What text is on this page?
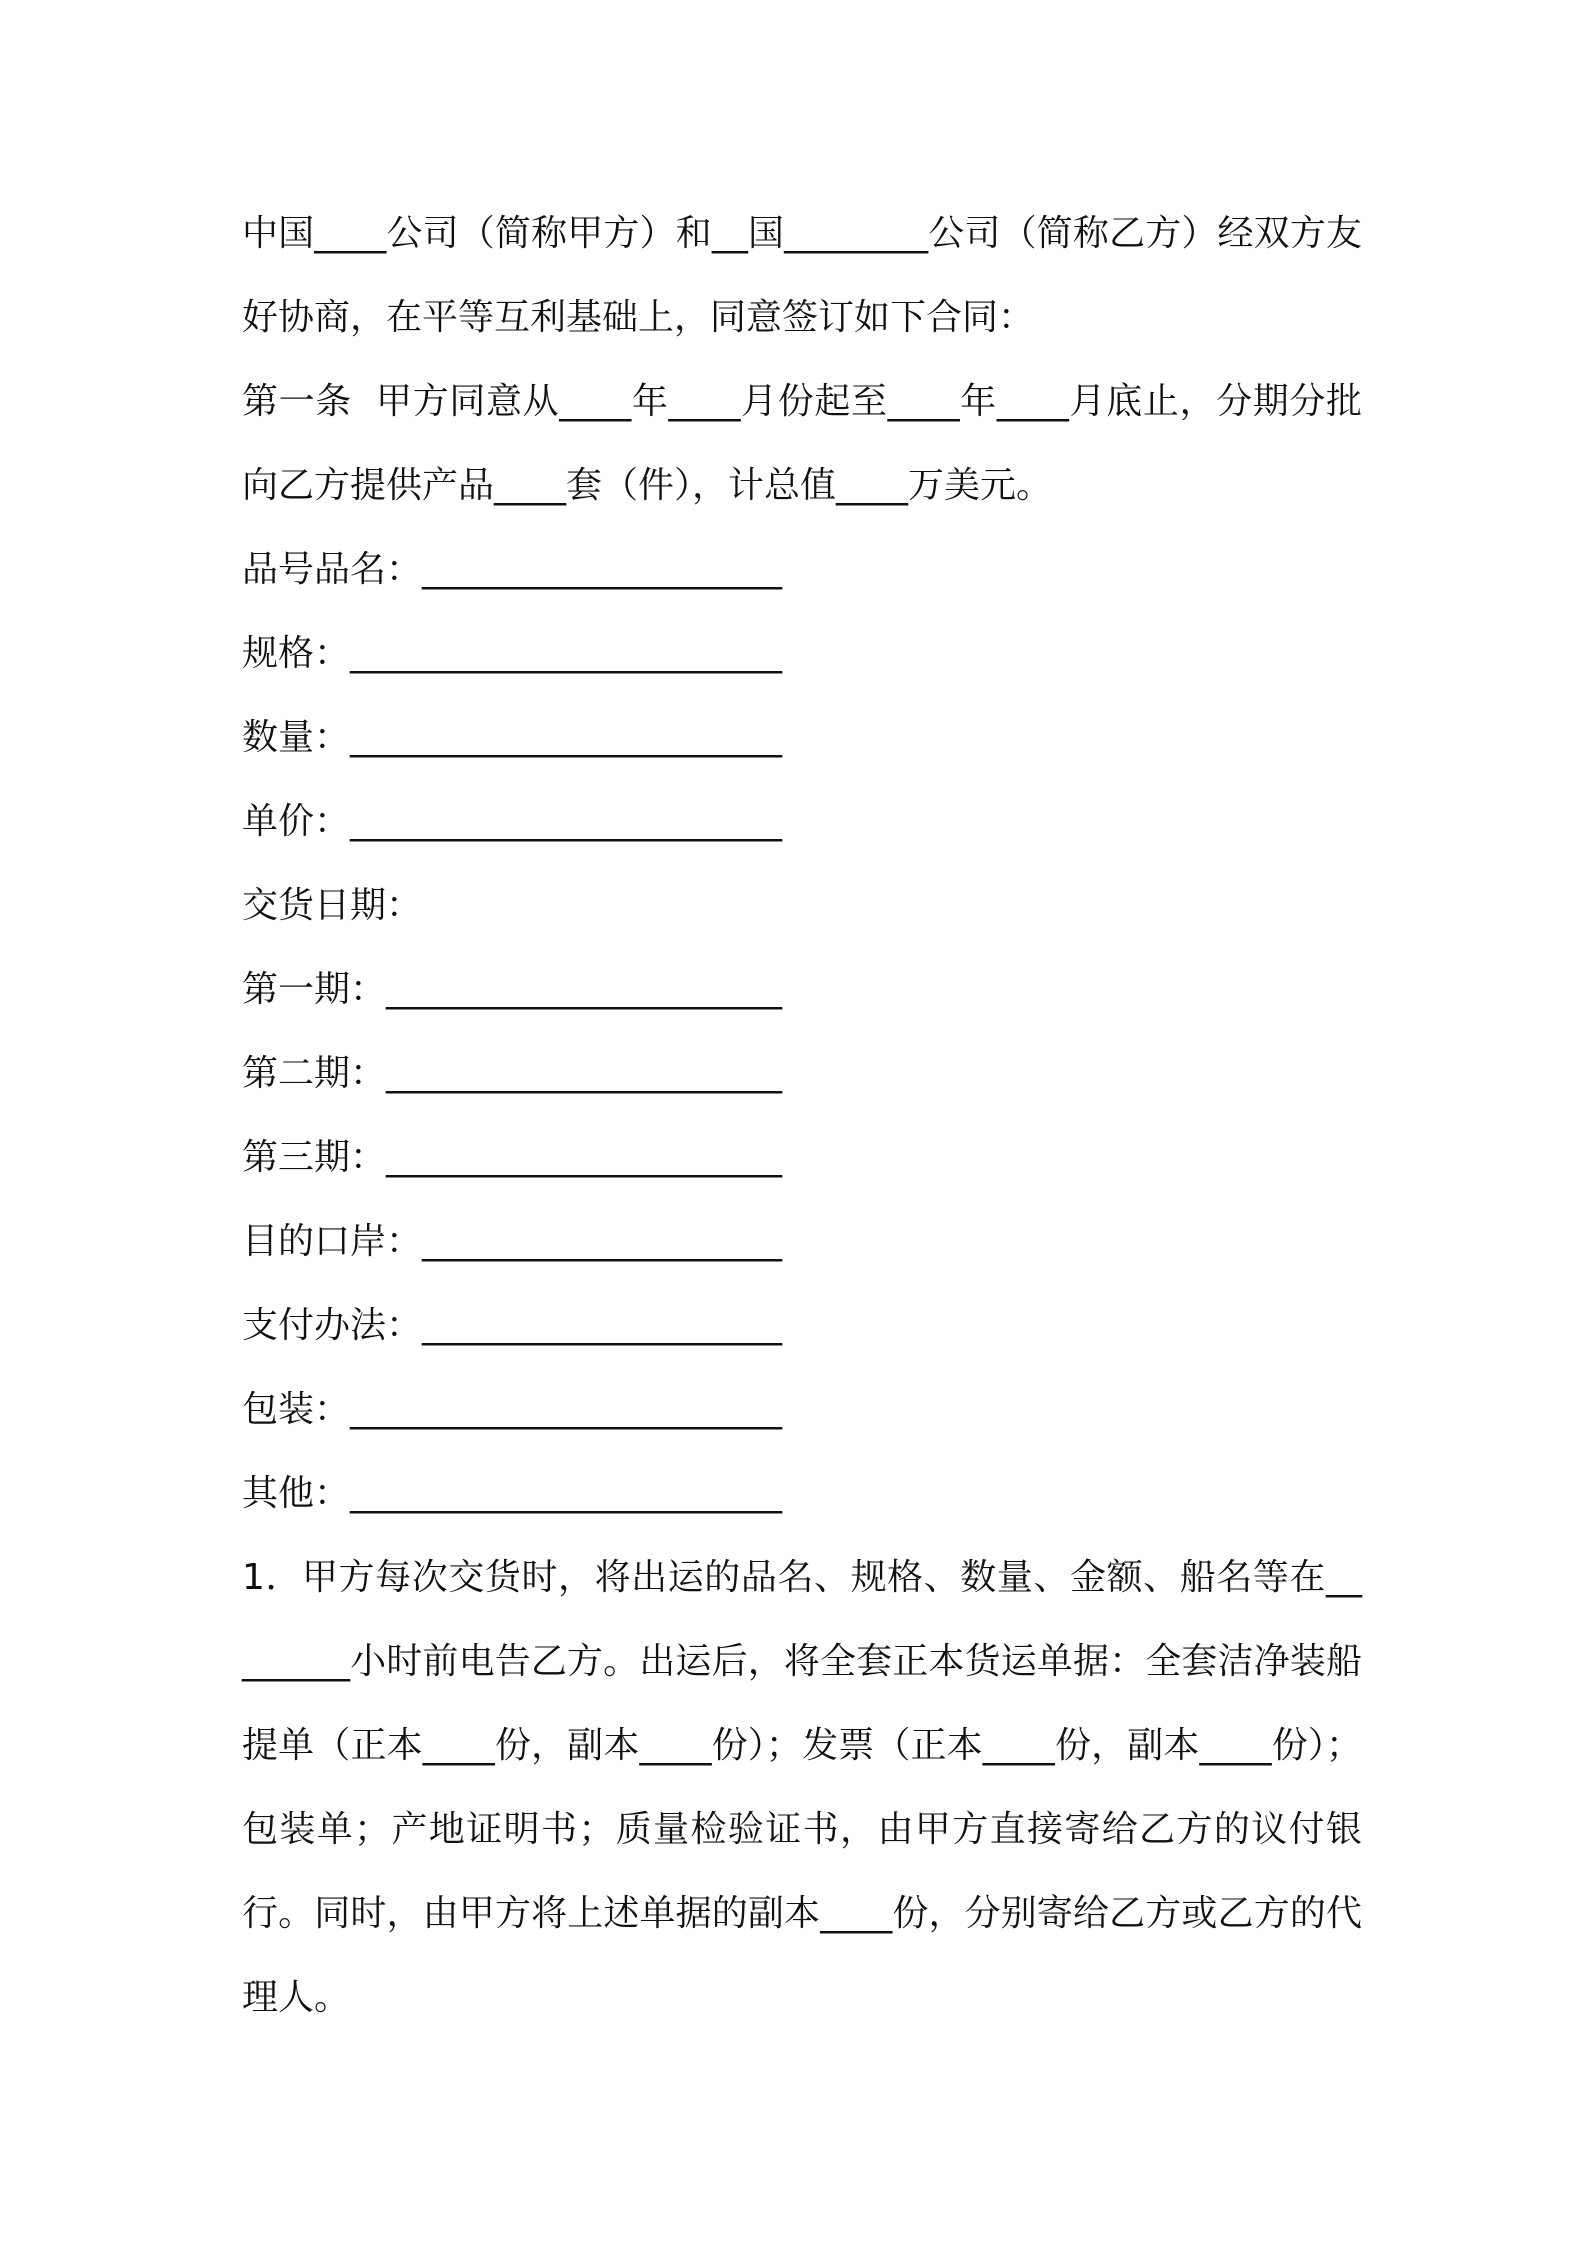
中国____公司（简称甲方）和__国________公司（简称乙方）经双方友好协商，在平等互利基础上，同意签订如下合同：

第一条  甲方同意从____年____月份起至____年____月底止，分期分批向乙方提供产品____套（件），计总值____万美元。

品号品名：____________________

规格：________________________

数量：________________________

单价：________________________

交货日期：

第一期：______________________

第二期：______________________

第三期：______________________

目的口岸：____________________

支付办法：____________________

包装：________________________

其他：________________________

1．甲方每次交货时，将出运的品名、规格、数量、金额、船名等在________小时前电告乙方。出运后，将全套正本货运单据：全套洁净装船提单（正本____份，副本____份）；发票（正本____份，副本____份）；包装单；产地证明书；质量检验证书，由甲方直接寄给乙方的议付银行。同时，由甲方将上述单据的副本____份，分别寄给乙方或乙方的代理人。
